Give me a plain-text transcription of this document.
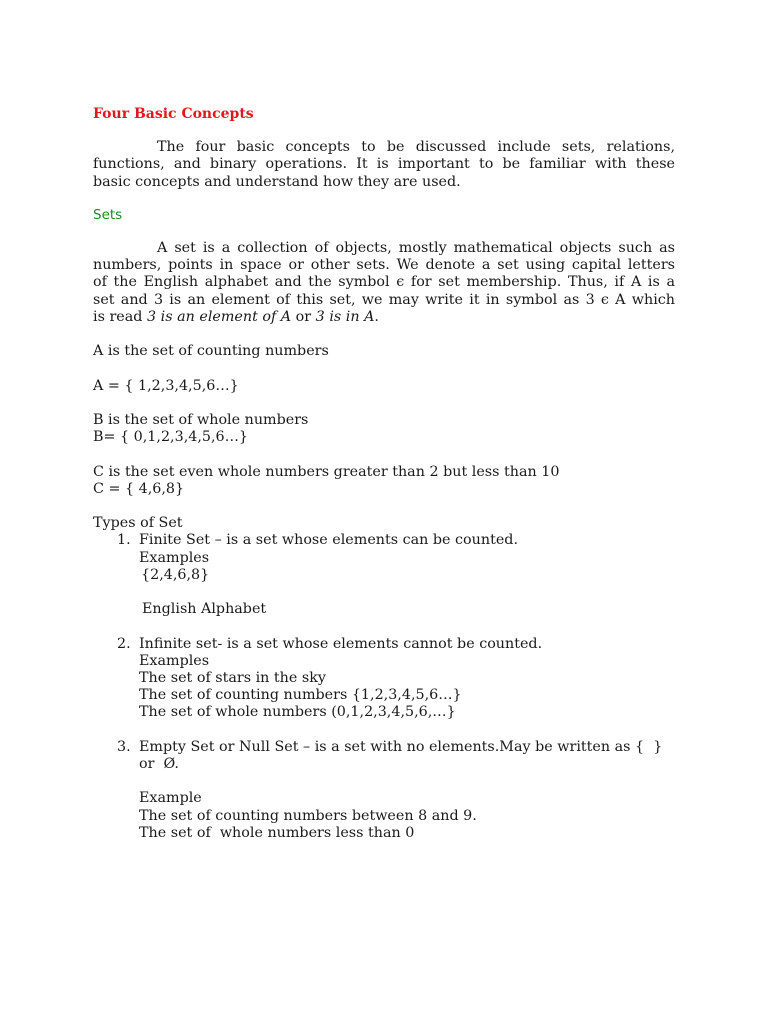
Four Basic Concepts

The four basic concepts to be discussed include sets, relations,
functions, and binary operations. It is important to be familiar with these
basic concepts and understand how they are used.

Sets

A set is a collection of objects, mostly mathematical objects such as
numbers, points in space or other sets. We denote a set using capital letters
of the English alphabet and the symbol ϵ for set membership. Thus, if A is a
set and 3 is an element of this set, we may write it in symbol as 3 ϵ A which
is read 3 is an element of A or 3 is in A.

A is the set of counting numbers

A = { 1,2,3,4,5,6…}

B is the set of whole numbers

B= { 0,1,2,3,4,5,6…}

C is the set even whole numbers greater than 2 but less than 10

C = { 4,6,8}

Types of Set

1. Finite Set – is a set whose elements can be counted.

Examples

{2,4,6,8}

English Alphabet

2. Infinite set- is a set whose elements cannot be counted.

Examples

The set of stars in the sky

The set of counting numbers {1,2,3,4,5,6…}

The set of whole numbers (0,1,2,3,4,5,6,…}

3. Empty Set or Null Set – is a set with no elements.May be written as {  }

or  Ø.

Example

The set of counting numbers between 8 and 9.

The set of  whole numbers less than 0
